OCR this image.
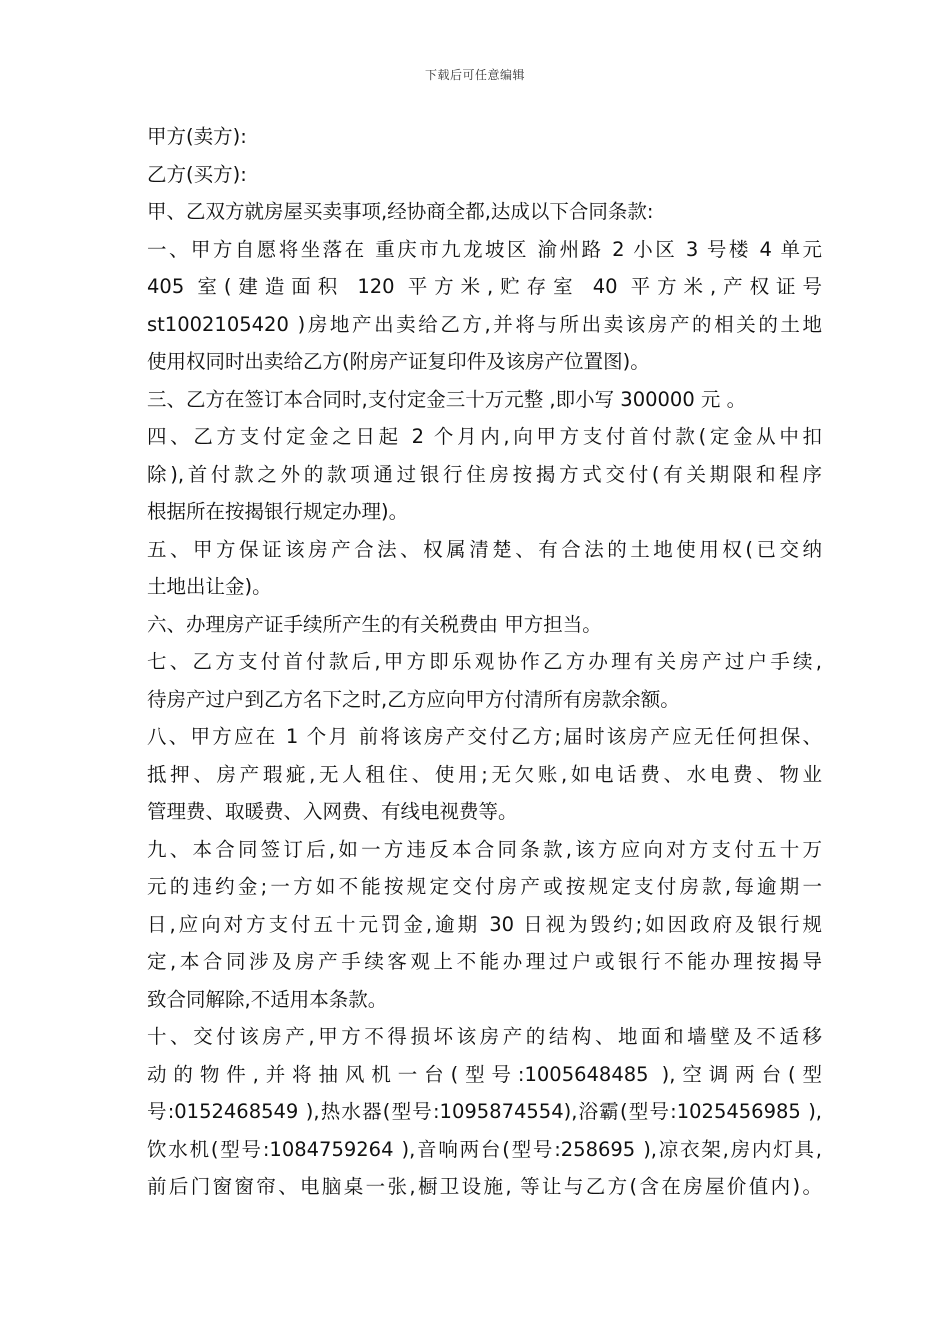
下载后可任意编辑
甲方(卖方):
乙方(买方):
甲、乙双方就房屋买卖事项,经协商全都,达成以下合同条款:
一、甲方自愿将坐落在 重庆市九龙坡区 渝州路 2 小区 3 号楼 4 单元
405 室(建造面积 120 平方米,贮存室 40 平方米,产权证号
st1002105420 )房地产出卖给乙方,并将与所出卖该房产的相关的土地
使用权同时出卖给乙方(附房产证复印件及该房产位置图)。
三、乙方在签订本合同时,支付定金三十万元整 ,即小写 300000 元 。
四、乙方支付定金之日起 2 个月内,向甲方支付首付款(定金从中扣
除),首付款之外的款项通过银行住房按揭方式交付(有关期限和程序
根据所在按揭银行规定办理)。
五、甲方保证该房产合法、权属清楚、有合法的土地使用权(已交纳
土地出让金)。
六、办理房产证手续所产生的有关税费由 甲方担当。
七、乙方支付首付款后,甲方即乐观协作乙方办理有关房产过户手续,
待房产过户到乙方名下之时,乙方应向甲方付清所有房款余额。
八、甲方应在 1 个月 前将该房产交付乙方;届时该房产应无任何担保、
抵押、房产瑕疵,无人租住、使用;无欠账,如电话费、水电费、物业
管理费、取暖费、入网费、有线电视费等。
九、本合同签订后,如一方违反本合同条款,该方应向对方支付五十万
元的违约金;一方如不能按规定交付房产或按规定支付房款,每逾期一
日,应向对方支付五十元罚金,逾期 30 日视为毁约;如因政府及银行规
定,本合同涉及房产手续客观上不能办理过户或银行不能办理按揭导
致合同解除,不适用本条款。
十、交付该房产,甲方不得损坏该房产的结构、地面和墙壁及不适移
动的物件,并将抽风机一台(型号:1005648485 ),空调两台(型
号:0152468549 ),热水器(型号:1095874554),浴霸(型号:1025456985 ),
饮水机(型号:1084759264 ),音响两台(型号:258695 ),凉衣架,房内灯具,
前后门窗窗帘、电脑桌一张,橱卫设施, 等让与乙方(含在房屋价值内)。
